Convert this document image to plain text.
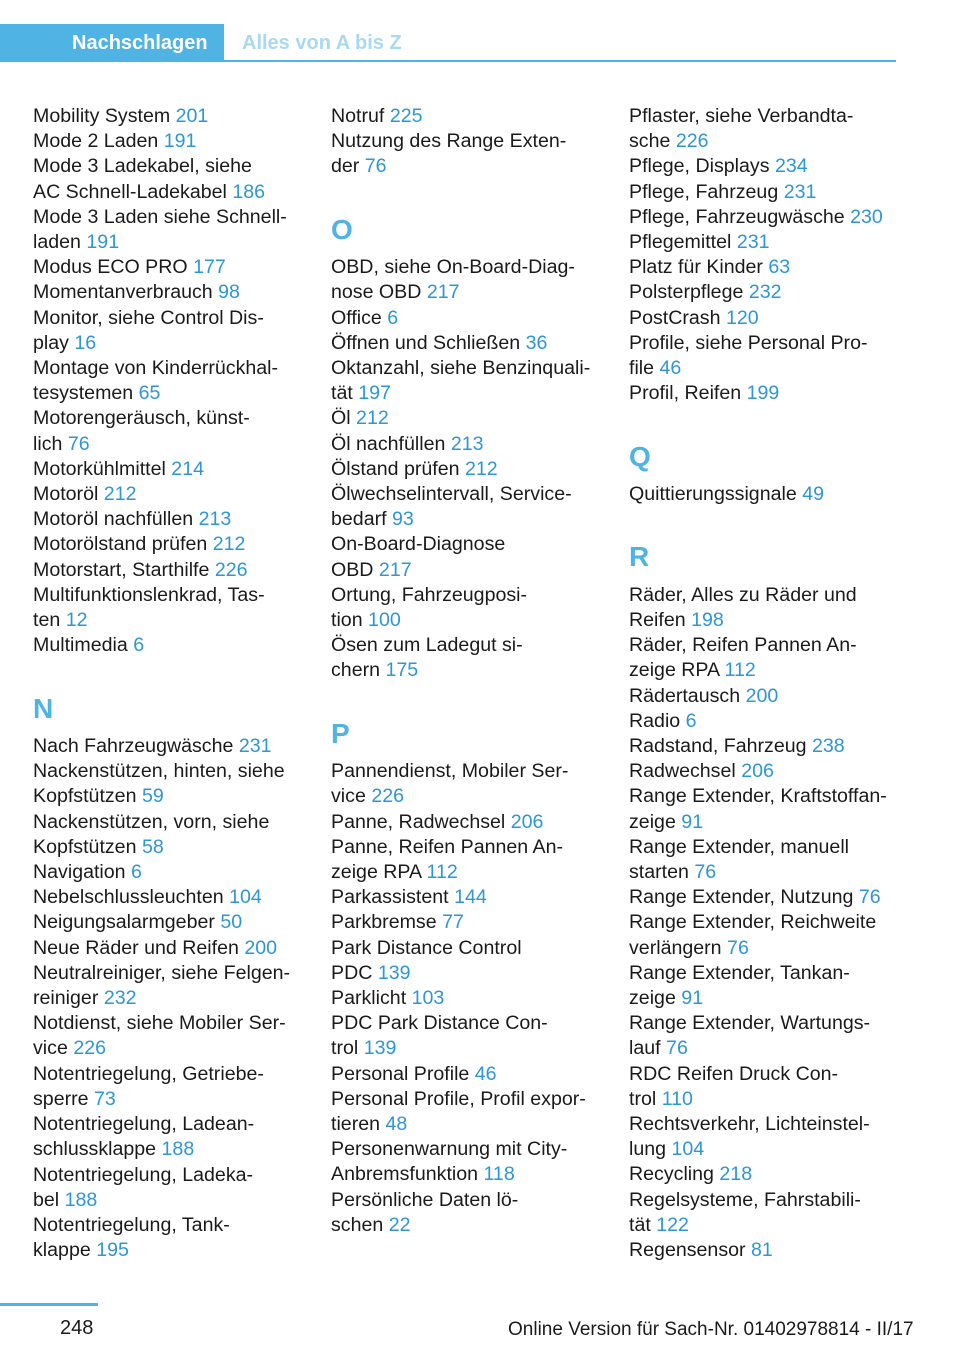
Nachschlagen	Alles von A bis Z
Mobility System 201
Mode 2 Laden 191
Mode 3 Ladekabel, siehe
AC Schnell-Ladekabel 186
Mode 3 Laden siehe Schnell-
laden 191
Modus ECO PRO 177
Momentanverbrauch 98
Monitor, siehe Control Dis-
play 16
Montage von Kinderrückhal-
tesystemen 65
Motorengeräusch, künst-
lich 76
Motorkühlmittel 214
Motoröl 212
Motoröl nachfüllen 213
Motorölstand prüfen 212
Motorstart, Starthilfe 226
Multifunktionslenkrad, Tas-
ten 12
Multimedia 6
N
Nach Fahrzeugwäsche 231
Nackenstützen, hinten, siehe
Kopfstützen 59
Nackenstützen, vorn, siehe
Kopfstützen 58
Navigation 6
Nebelschlussleuchten 104
Neigungsalarmgeber 50
Neue Räder und Reifen 200
Neutralreiniger, siehe Felgen-
reiniger 232
Notdienst, siehe Mobiler Ser-
vice 226
Notentriegelung, Getriebe-
sperre 73
Notentriegelung, Ladean-
schlussklappe 188
Notentriegelung, Ladeka-
bel 188
Notentriegelung, Tank-
klappe 195
Notruf 225
Nutzung des Range Exten-
der 76
O
OBD, siehe On-Board-Diag-
nose OBD 217
Office 6
Öffnen und Schließen 36
Oktanzahl, siehe Benzinquali-
tät 197
Öl 212
Öl nachfüllen 213
Ölstand prüfen 212
Ölwechselintervall, Service-
bedarf 93
On-Board-Diagnose
OBD 217
Ortung, Fahrzeugposi-
tion 100
Ösen zum Ladegut si-
chern 175
P
Pannendienst, Mobiler Ser-
vice 226
Panne, Radwechsel 206
Panne, Reifen Pannen An-
zeige RPA 112
Parkassistent 144
Parkbremse 77
Park Distance Control
PDC 139
Parklicht 103
PDC Park Distance Con-
trol 139
Personal Profile 46
Personal Profile, Profil expor-
tieren 48
Personenwarnung mit City-
Anbremsfunktion 118
Persönliche Daten lö-
schen 22
Pflaster, siehe Verbandta-
sche 226
Pflege, Displays 234
Pflege, Fahrzeug 231
Pflege, Fahrzeugwäsche 230
Pflegemittel 231
Platz für Kinder 63
Polsterpflege 232
PostCrash 120
Profile, siehe Personal Pro-
file 46
Profil, Reifen 199
Q
Quittierungssignale 49
R
Räder, Alles zu Räder und
Reifen 198
Räder, Reifen Pannen An-
zeige RPA 112
Rädertausch 200
Radio 6
Radstand, Fahrzeug 238
Radwechsel 206
Range Extender, Kraftstoffan-
zeige 91
Range Extender, manuell
starten 76
Range Extender, Nutzung 76
Range Extender, Reichweite
verlängern 76
Range Extender, Tankan-
zeige 91
Range Extender, Wartungs-
lauf 76
RDC Reifen Druck Con-
trol 110
Rechtsverkehr, Lichteinstel-
lung 104
Recycling 218
Regelsysteme, Fahrstabili-
tät 122
Regensensor 81
248	Online Version für Sach-Nr. 01402978814 - II/17
